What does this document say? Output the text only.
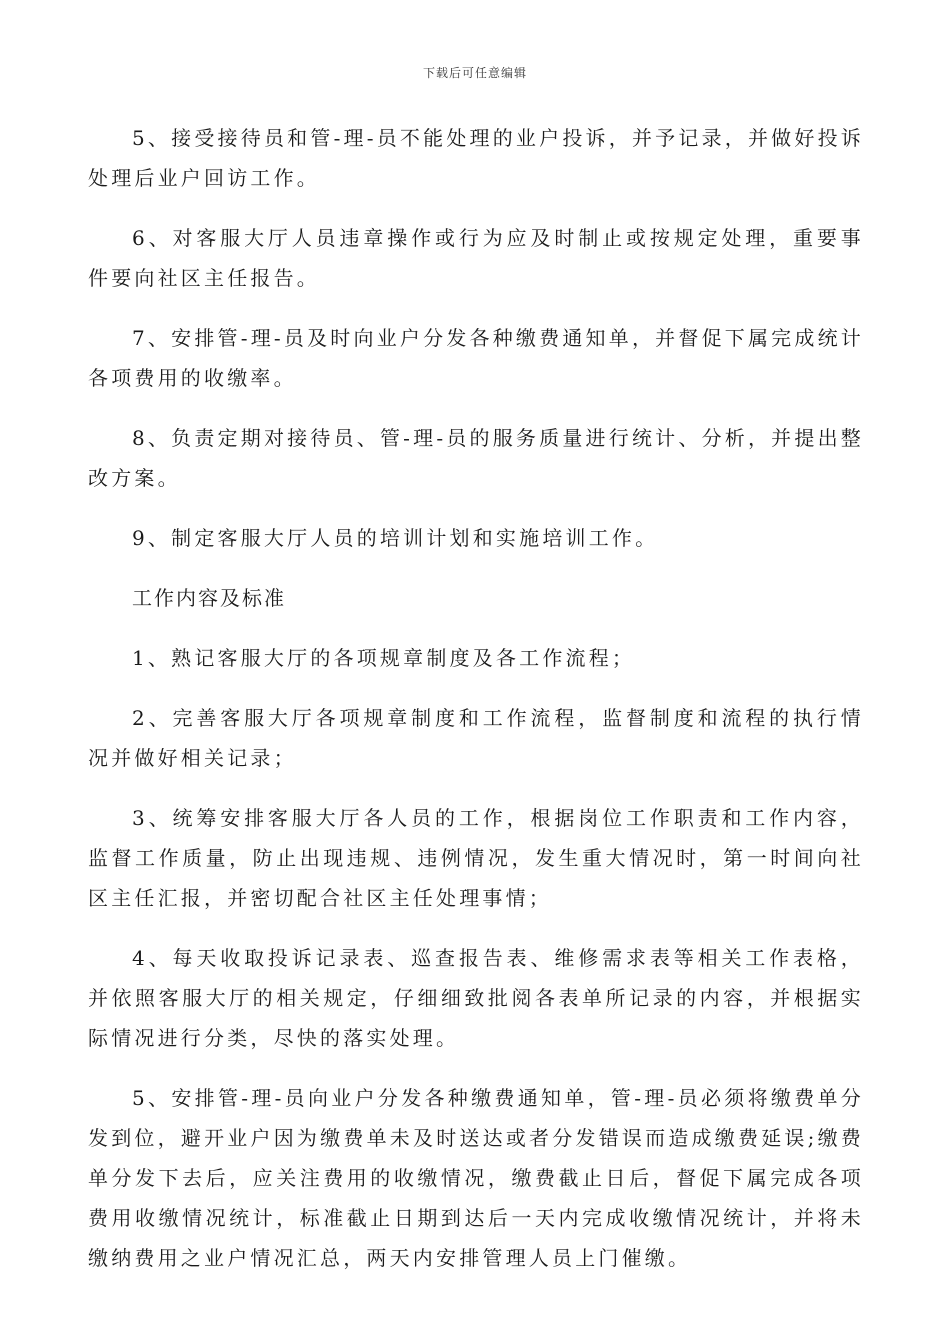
下载后可任意编辑

5、接受接待员和管-理-员不能处理的业户投诉，并予记录，并做好投诉处理后业户回访工作。

6、对客服大厅人员违章操作或行为应及时制止或按规定处理，重要事件要向社区主任报告。

7、安排管-理-员及时向业户分发各种缴费通知单，并督促下属完成统计各项费用的收缴率。

8、负责定期对接待员、管-理-员的服务质量进行统计、分析，并提出整改方案。

9、制定客服大厅人员的培训计划和实施培训工作。

工作内容及标准

1、熟记客服大厅的各项规章制度及各工作流程；

2、完善客服大厅各项规章制度和工作流程，监督制度和流程的执行情况并做好相关记录；

3、统筹安排客服大厅各人员的工作，根据岗位工作职责和工作内容，监督工作质量，防止出现违规、违例情况，发生重大情况时，第一时间向社区主任汇报，并密切配合社区主任处理事情；

4、每天收取投诉记录表、巡查报告表、维修需求表等相关工作表格，并依照客服大厅的相关规定，仔细细致批阅各表单所记录的内容，并根据实际情况进行分类，尽快的落实处理。

5、安排管-理-员向业户分发各种缴费通知单，管-理-员必须将缴费单分发到位，避开业户因为缴费单未及时送达或者分发错误而造成缴费延误;缴费单分发下去后，应关注费用的收缴情况，缴费截止日后，督促下属完成各项费用收缴情况统计，标准截止日期到达后一天内完成收缴情况统计，并将未缴纳费用之业户情况汇总，两天内安排管理人员上门催缴。
